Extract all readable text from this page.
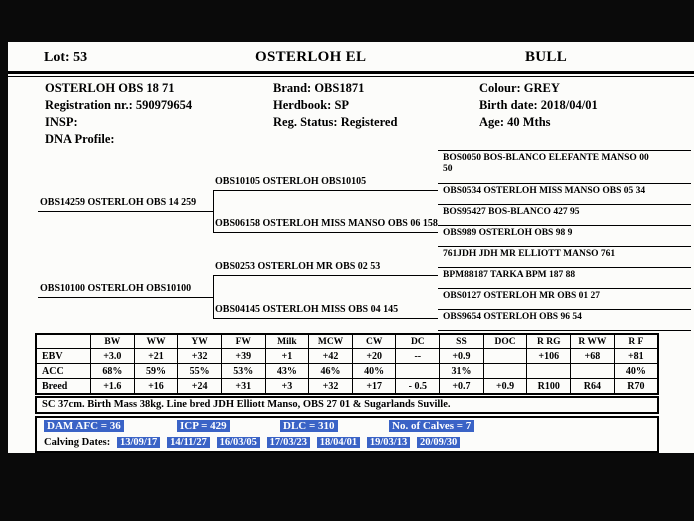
Lot: 53	OSTERLOH EL	BULL
OSTERLOH OBS 18 71
Registration nr.: 590979654
INSP:
DNA Profile:
Brand: OBS1871
Herdbook: SP
Reg. Status: Registered
Colour: GREY
Birth date: 2018/04/01
Age: 40 Mths
OBS14259 OSTERLOH OBS 14 259
OBS10100 OSTERLOH OBS10100
OBS10105 OSTERLOH OBS10105
OBS06158 OSTERLOH MISS MANSO OBS 06 158
OBS0253 OSTERLOH MR OBS 02 53
OBS04145 OSTERLOH MISS OBS 04 145
BOS0050 BOS-BLANCO ELEFANTE MANSO 00
50
OBS0534 OSTERLOH MISS MANSO OBS 05 34
BOS95427 BOS-BLANCO 427 95
OBS989 OSTERLOH OBS 98 9
761JDH JDH MR ELLIOTT MANSO 761
BPM88187 TARKA BPM 187 88
OBS0127 OSTERLOH MR OBS 01 27
OBS9654 OSTERLOH OBS 96 54
	BW	WW	YW	FW	Milk	MCW	CW	DC	SS	DOC	R RG	R WW	R F
EBV	+3.0	+21	+32	+39	+1	+42	+20	--	+0.9		+106	+68	+81
ACC	68%	59%	55%	53%	43%	46%	40%		31%				40%
Breed	+1.6	+16	+24	+31	+3	+32	+17	- 0.5	+0.7	+0.9	R100	R64	R70
SC 37cm. Birth Mass 38kg. Line bred JDH Elliott Manso, OBS 27 01 & Sugarlands Suville.
DAM AFC = 36	ICP = 429	DLC = 310	No. of Calves = 7
Calving Dates: 13/09/17 14/11/27 16/03/05 17/03/23 18/04/01 19/03/13 20/09/30
